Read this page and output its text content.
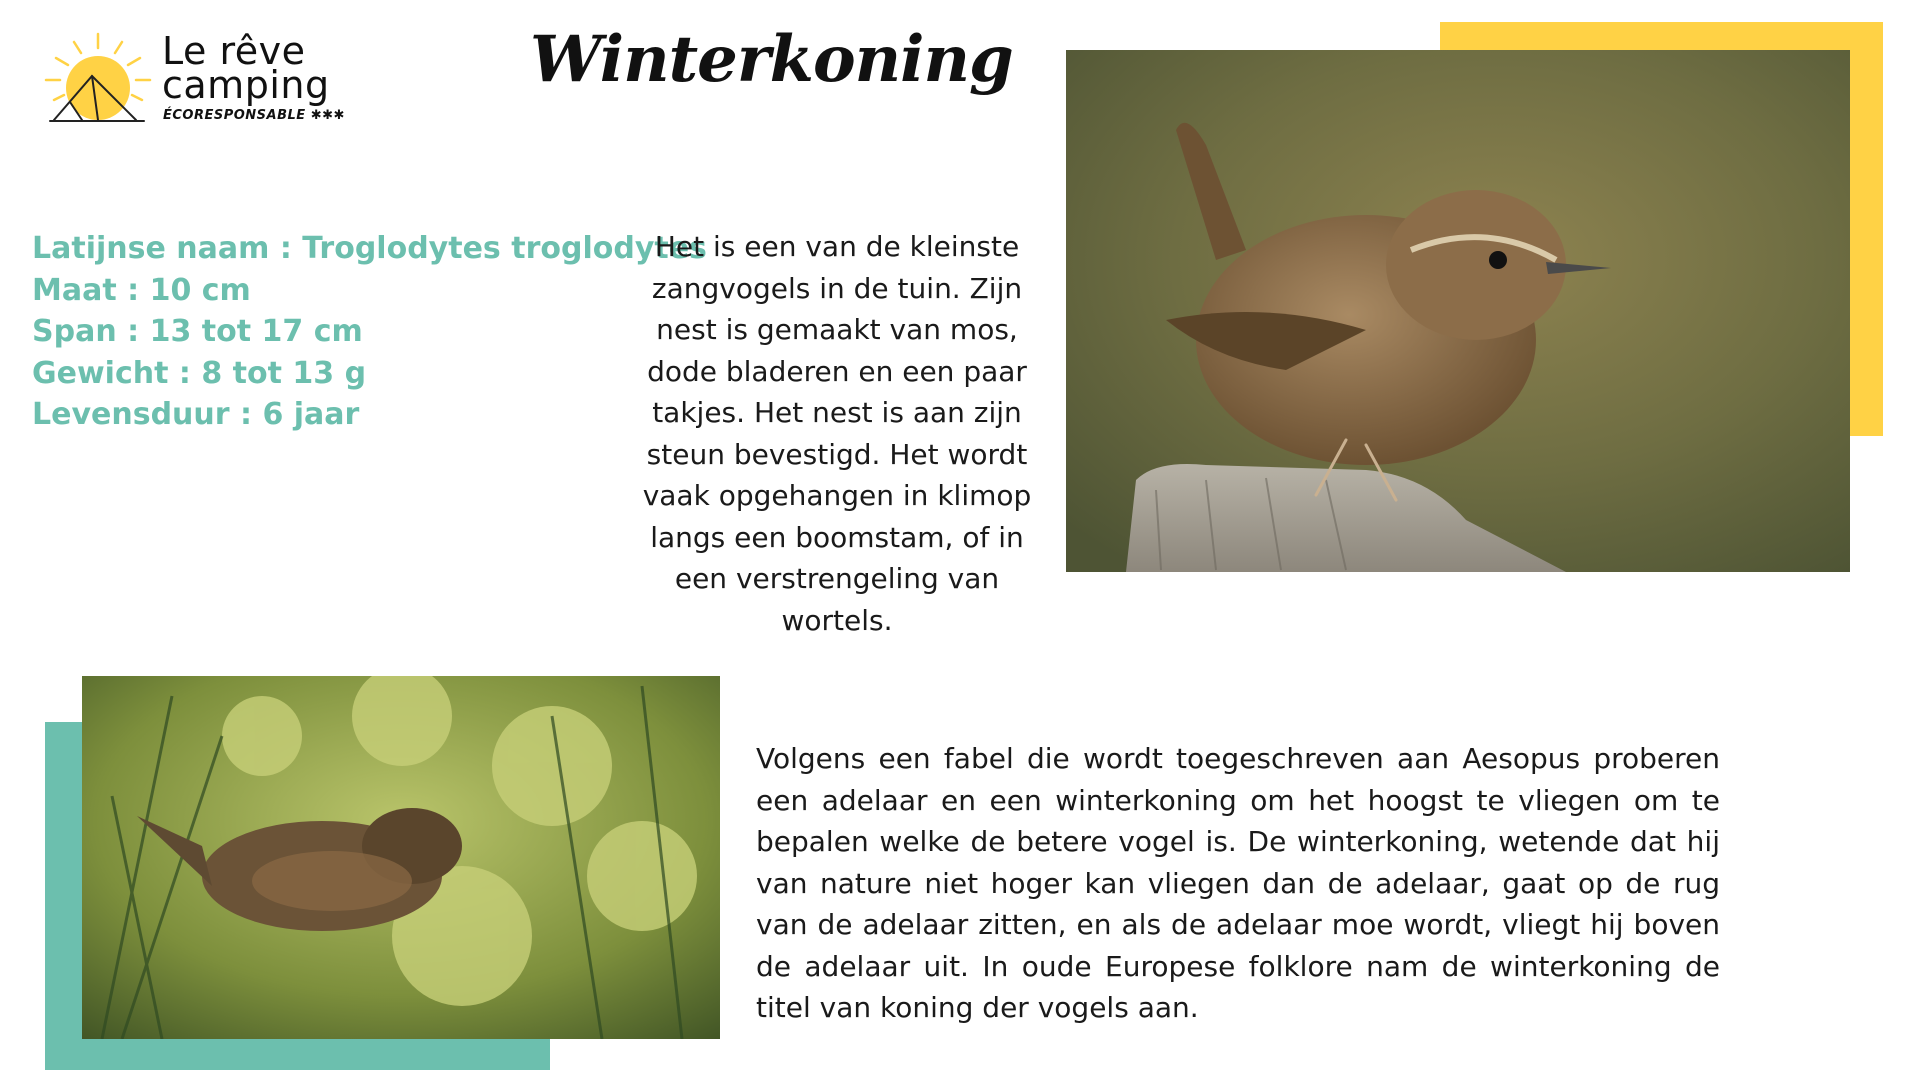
Le rêve
camping
ÉCORESPONSABLE ✱✱✱
Winterkoning
Latijnse naam : Troglodytes troglodytes
Maat : 10 cm
Span : 13 tot 17 cm
Gewicht : 8 tot 13 g
Levensduur : 6 jaar
Het is een van de kleinste zangvogels in de tuin. Zijn nest is gemaakt van mos, dode bladeren en een paar takjes. Het nest is aan zijn steun bevestigd. Het wordt vaak opgehangen in klimop langs een boomstam, of in een verstrengeling van wortels.
Volgens een fabel die wordt toegeschreven aan Aesopus proberen een adelaar en een winterkoning om het hoogst te vliegen om te bepalen welke de betere vogel is. De winterkoning, wetende dat hij van nature niet hoger kan vliegen dan de adelaar, gaat op de rug van de adelaar zitten, en als de adelaar moe wordt, vliegt hij boven de adelaar uit. In oude Europese folklore nam de winterkoning de titel van koning der vogels aan.
